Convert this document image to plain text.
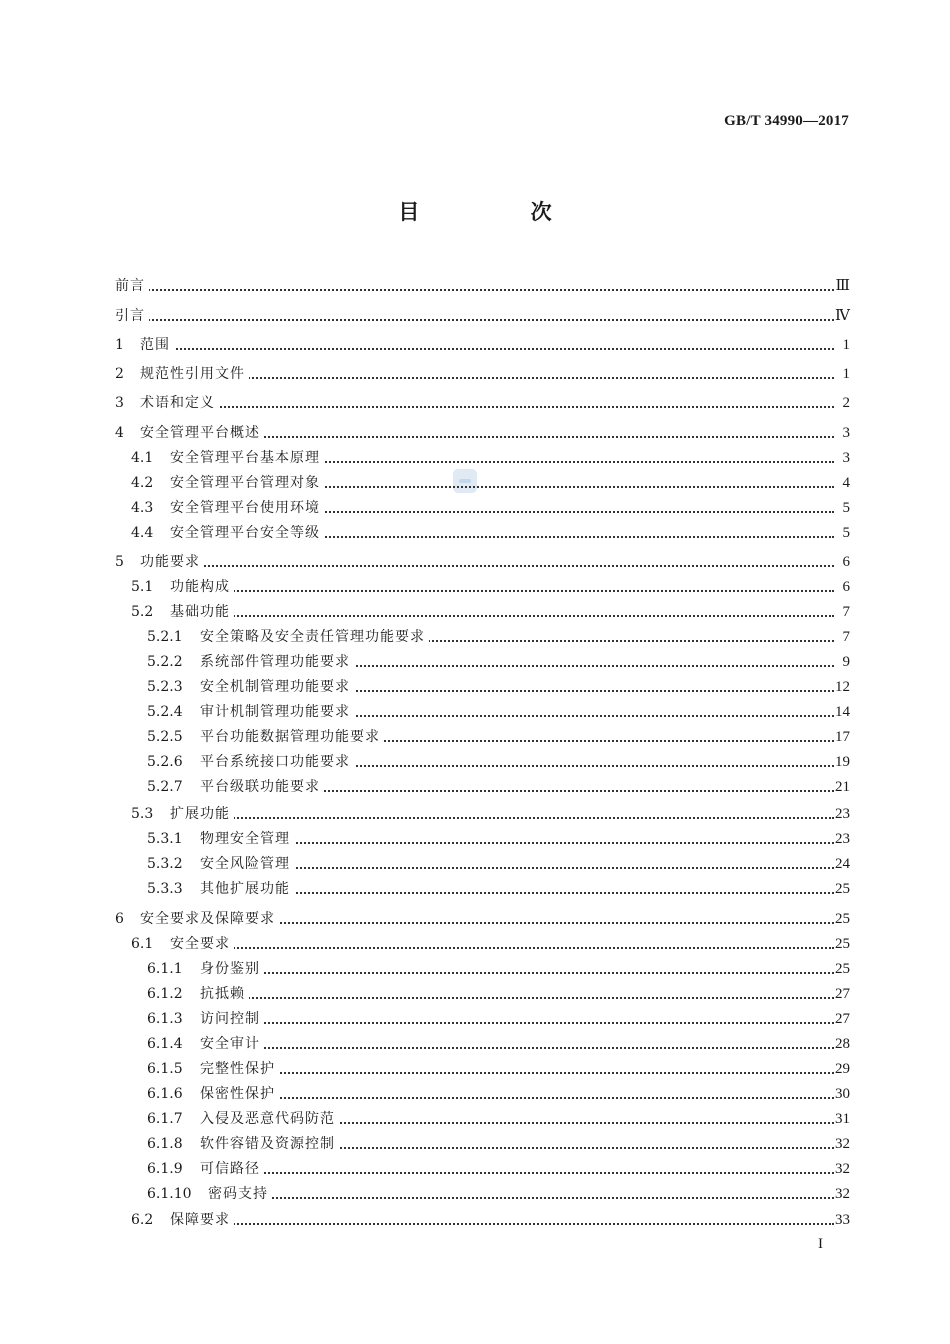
GB/T 34990—2017
目 次
前言	Ⅲ
引言	Ⅳ
1 范围	1
2 规范性引用文件	1
3 术语和定义	2
4 安全管理平台概述	3
4.1 安全管理平台基本原理	3
4.2 安全管理平台管理对象	4
4.3 安全管理平台使用环境	5
4.4 安全管理平台安全等级	5
5 功能要求	6
5.1 功能构成	6
5.2 基础功能	7
5.2.1 安全策略及安全责任管理功能要求	7
5.2.2 系统部件管理功能要求	9
5.2.3 安全机制管理功能要求	12
5.2.4 审计机制管理功能要求	14
5.2.5 平台功能数据管理功能要求	17
5.2.6 平台系统接口功能要求	19
5.2.7 平台级联功能要求	21
5.3 扩展功能	23
5.3.1 物理安全管理	23
5.3.2 安全风险管理	24
5.3.3 其他扩展功能	25
6 安全要求及保障要求	25
6.1 安全要求	25
6.1.1 身份鉴别	25
6.1.2 抗抵赖	27
6.1.3 访问控制	27
6.1.4 安全审计	28
6.1.5 完整性保护	29
6.1.6 保密性保护	30
6.1.7 入侵及恶意代码防范	31
6.1.8 软件容错及资源控制	32
6.1.9 可信路径	32
6.1.10 密码支持	32
6.2 保障要求	33
I
